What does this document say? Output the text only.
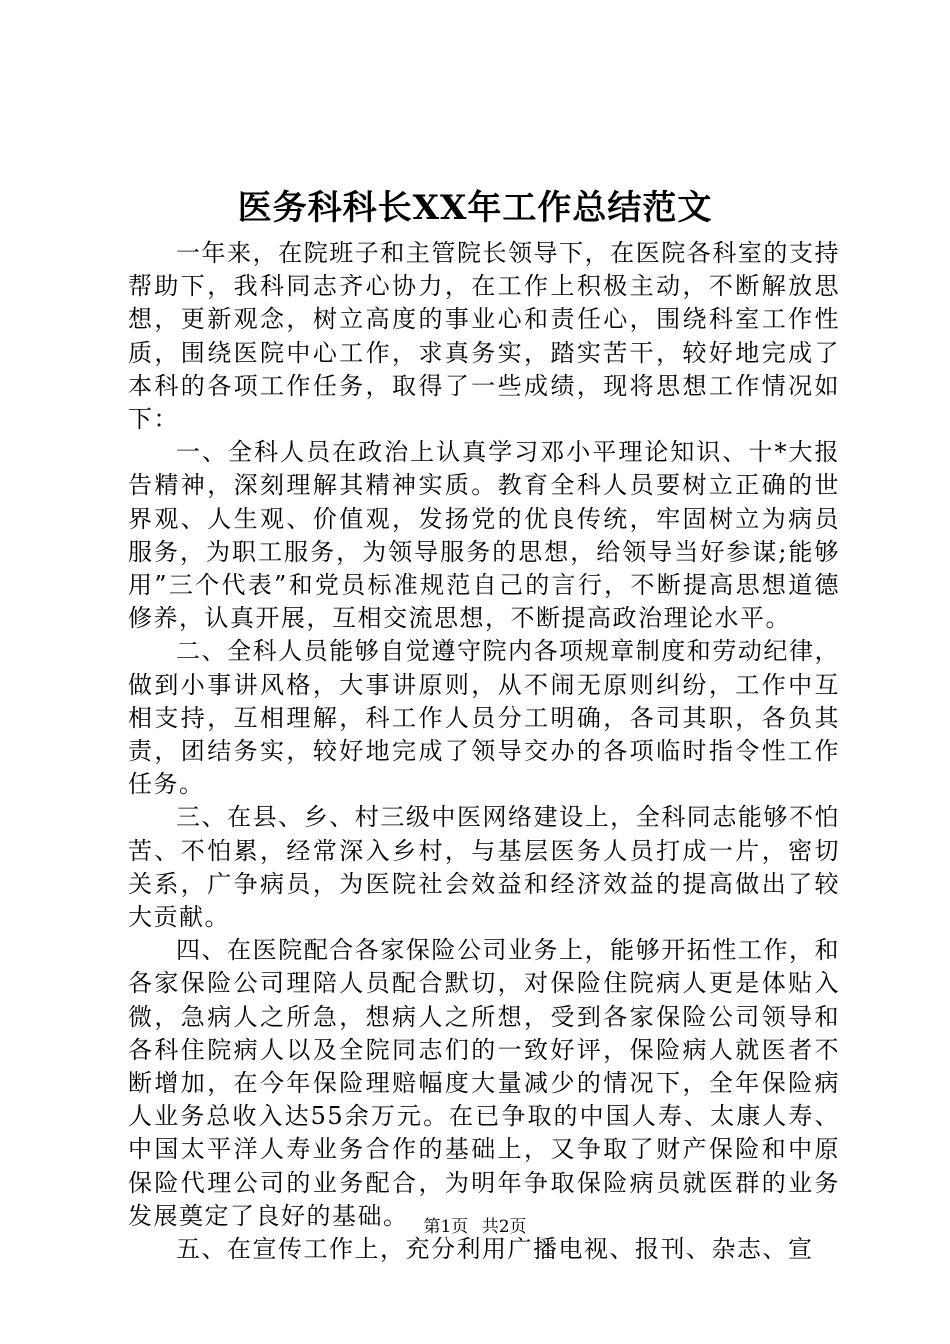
医务科科长XX年工作总结范文

一年来，在院班子和主管院长领导下，在医院各科室的支持帮助下，我科同志齐心协力，在工作上积极主动，不断解放思想，更新观念，树立高度的事业心和责任心，围绕科室工作性质，围绕医院中心工作，求真务实，踏实苦干，较好地完成了本科的各项工作任务，取得了一些成绩，现将思想工作情况如下：

一、全科人员在政治上认真学习邓小平理论知识、十*大报告精神，深刻理解其精神实质。教育全科人员要树立正确的世界观、人生观、价值观，发扬党的优良传统，牢固树立为病员服务，为职工服务，为领导服务的思想，给领导当好参谋;能够用”三个代表”和党员标准规范自己的言行，不断提高思想道德修养，认真开展，互相交流思想，不断提高政治理论水平。

二、全科人员能够自觉遵守院内各项规章制度和劳动纪律，做到小事讲风格，大事讲原则，从不闹无原则纠纷，工作中互相支持，互相理解，科工作人员分工明确，各司其职，各负其责，团结务实，较好地完成了领导交办的各项临时指令性工作任务。

三、在县、乡、村三级中医网络建设上，全科同志能够不怕苦、不怕累，经常深入乡村，与基层医务人员打成一片，密切关系，广争病员，为医院社会效益和经济效益的提高做出了较大贡献。

四、在医院配合各家保险公司业务上，能够开拓性工作，和各家保险公司理陪人员配合默切，对保险住院病人更是体贴入微，急病人之所急，想病人之所想，受到各家保险公司领导和各科住院病人以及全院同志们的一致好评，保险病人就医者不断增加，在今年保险理赔幅度大量减少的情况下，全年保险病人业务总收入达55余万元。在已争取的中国人寿、太康人寿、中国太平洋人寿业务合作的基础上，又争取了财产保险和中原保险代理公司的业务配合，为明年争取保险病员就医群的业务发展奠定了良好的基础。

五、在宣传工作上，充分利用广播电视、报刊、杂志、宣

第1页 共2页
